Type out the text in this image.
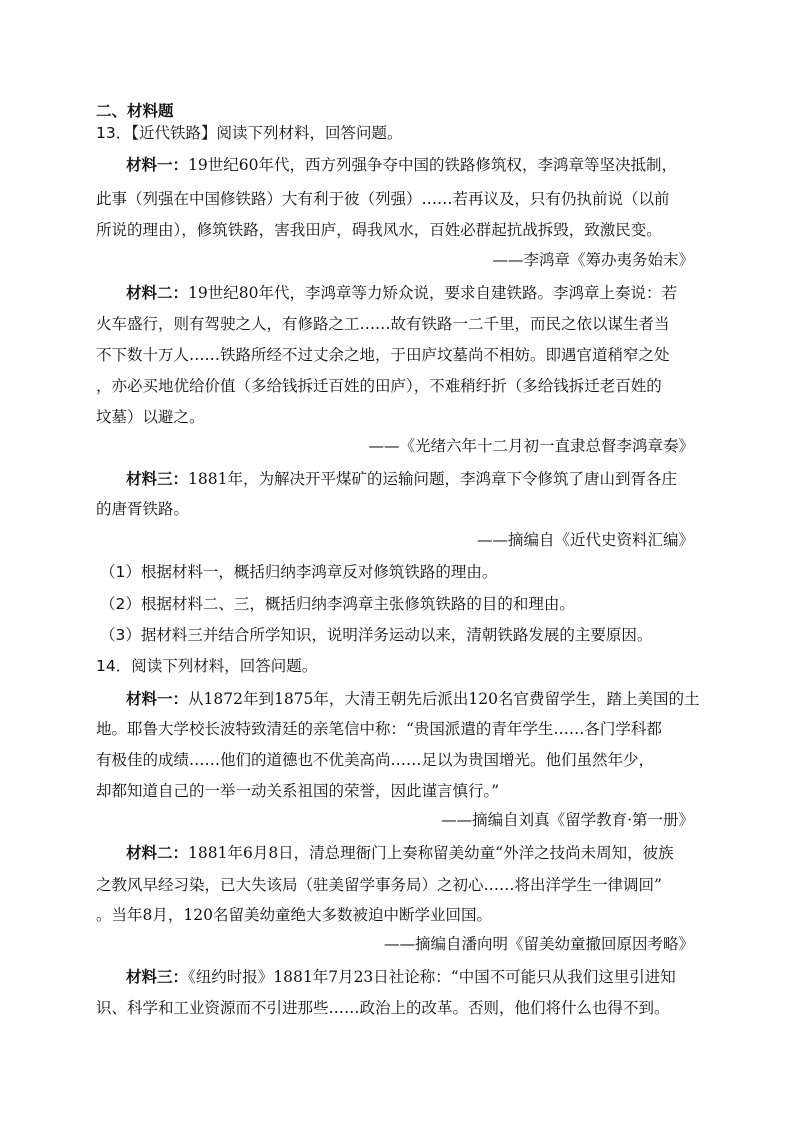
二、材料题
13．【近代铁路】阅读下列材料，回答问题。
材料一：19世纪60年代，西方列强争夺中国的铁路修筑权，李鸿章等坚决抵制，
此事（列强在中国修铁路）大有利于彼（列强）……若再议及，只有仍执前说（以前
所说的理由），修筑铁路，害我田庐，碍我风水，百姓必群起抗战拆毁，致激民变。
——李鸿章《筹办夷务始末》
材料二：19世纪80年代，李鸿章等力矫众说，要求自建铁路。李鸿章上奏说：若
火车盛行，则有驾驶之人，有修路之工……故有铁路一二千里，而民之依以谋生者当
不下数十万人……铁路所经不过丈余之地，于田庐坟墓尚不相妨。即遇官道稍窄之处
，亦必买地优给价值（多给钱拆迁百姓的田庐），不难稍纡折（多给钱拆迁老百姓的
坟墓）以避之。
——《光绪六年十二月初一直隶总督李鸿章奏》
材料三：1881年，为解决开平煤矿的运输问题，李鸿章下令修筑了唐山到胥各庄
的唐胥铁路。
——摘编自《近代史资料汇编》
（1）根据材料一，概括归纳李鸿章反对修筑铁路的理由。
（2）根据材料二、三，概括归纳李鸿章主张修筑铁路的目的和理由。
（3）据材料三并结合所学知识，说明洋务运动以来，清朝铁路发展的主要原因。
14．阅读下列材料，回答问题。
材料一：从1872年到1875年，大清王朝先后派出120名官费留学生，踏上美国的土
地。耶鲁大学校长波特致清廷的亲笔信中称：“贵国派遣的青年学生……各门学科都
有极佳的成绩……他们的道德也不优美高尚……足以为贵国增光。他们虽然年少，
却都知道自己的一举一动关系祖国的荣誉，因此谨言慎行。”
——摘编自刘真《留学教育·第一册》
材料二：1881年6月8日，清总理衙门上奏称留美幼童“外洋之技尚未周知，彼族
之教风早经习染，已大失该局（驻美留学事务局）之初心……将出洋学生一律调回”
。当年8月，120名留美幼童绝大多数被迫中断学业回国。
——摘编自潘向明《留美幼童撤回原因考略》
材料三：《纽约时报》1881年7月23日社论称：“中国不可能只从我们这里引进知
识、科学和工业资源而不引进那些……政治上的改革。否则，他们将什么也得不到。
